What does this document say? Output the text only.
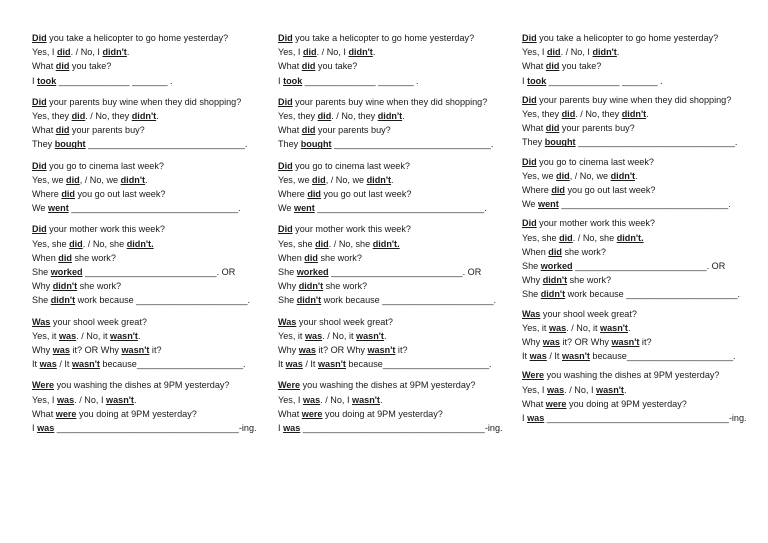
Did you take a helicopter to go home yesterday?
Yes, I did. / No, I didn't.
What did you take?
I took ______________ _______ .
Did your parents buy wine when they did shopping?
Yes, they did. / No, they didn't.
What did your parents buy?
They bought _______________________________.
Did you go to cinema last week?
Yes, we did, / No, we didn't.
Where did you go out last week?
We went _________________________________.
Did your mother work this week?
Yes, she did. / No, she didn't.
When did she work?
She worked __________________________. OR
Why didn't she work?
She didn't work because ______________________.
Was your shool week great?
Yes, it was. / No, it wasn't.
Why was it? OR Why wasn't it?
It was / It wasn't because_____________________.
Were you washing the dishes at 9PM yesterday?
Yes, I was. / No, I wasn't.
What were you doing at 9PM yesterday?
I was ____________________________________-ing.
Did you take a helicopter to go home yesterday?
Yes, I did. / No, I didn't.
What did you take?
I took ______________ _______ .
Did your parents buy wine when they did shopping?
Yes, they did. / No, they didn't.
What did your parents buy?
They bought _______________________________.
Did you go to cinema last week?
Yes, we did, / No, we didn't.
Where did you go out last week?
We went _________________________________.
Did your mother work this week?
Yes, she did. / No, she didn't.
When did she work?
She worked __________________________. OR
Why didn't she work?
She didn't work because ______________________.
Was your shool week great?
Yes, it was. / No, it wasn't.
Why was it? OR Why wasn't it?
It was / It wasn't because_____________________.
Were you washing the dishes at 9PM yesterday?
Yes, I was. / No, I wasn't.
What were you doing at 9PM yesterday?
I was ____________________________________-ing.
Did you take a helicopter to go home yesterday?
Yes, I did. / No, I didn't.
What did you take?
I took ______________ _______ .
Did your parents buy wine when they did shopping?
Yes, they did. / No, they didn't.
What did your parents buy?
They bought _______________________________.
Did you go to cinema last week?
Yes, we did, / No, we didn't.
Where did you go out last week?
We went _________________________________.
Did your mother work this week?
Yes, she did. / No, she didn't.
When did she work?
She worked __________________________. OR
Why didn't she work?
She didn't work because ______________________.
Was your shool week great?
Yes, it was. / No, it wasn't.
Why was it? OR Why wasn't it?
It was / It wasn't because_____________________.
Were you washing the dishes at 9PM yesterday?
Yes, I was. / No, I wasn't.
What were you doing at 9PM yesterday?
I was ____________________________________-ing.
